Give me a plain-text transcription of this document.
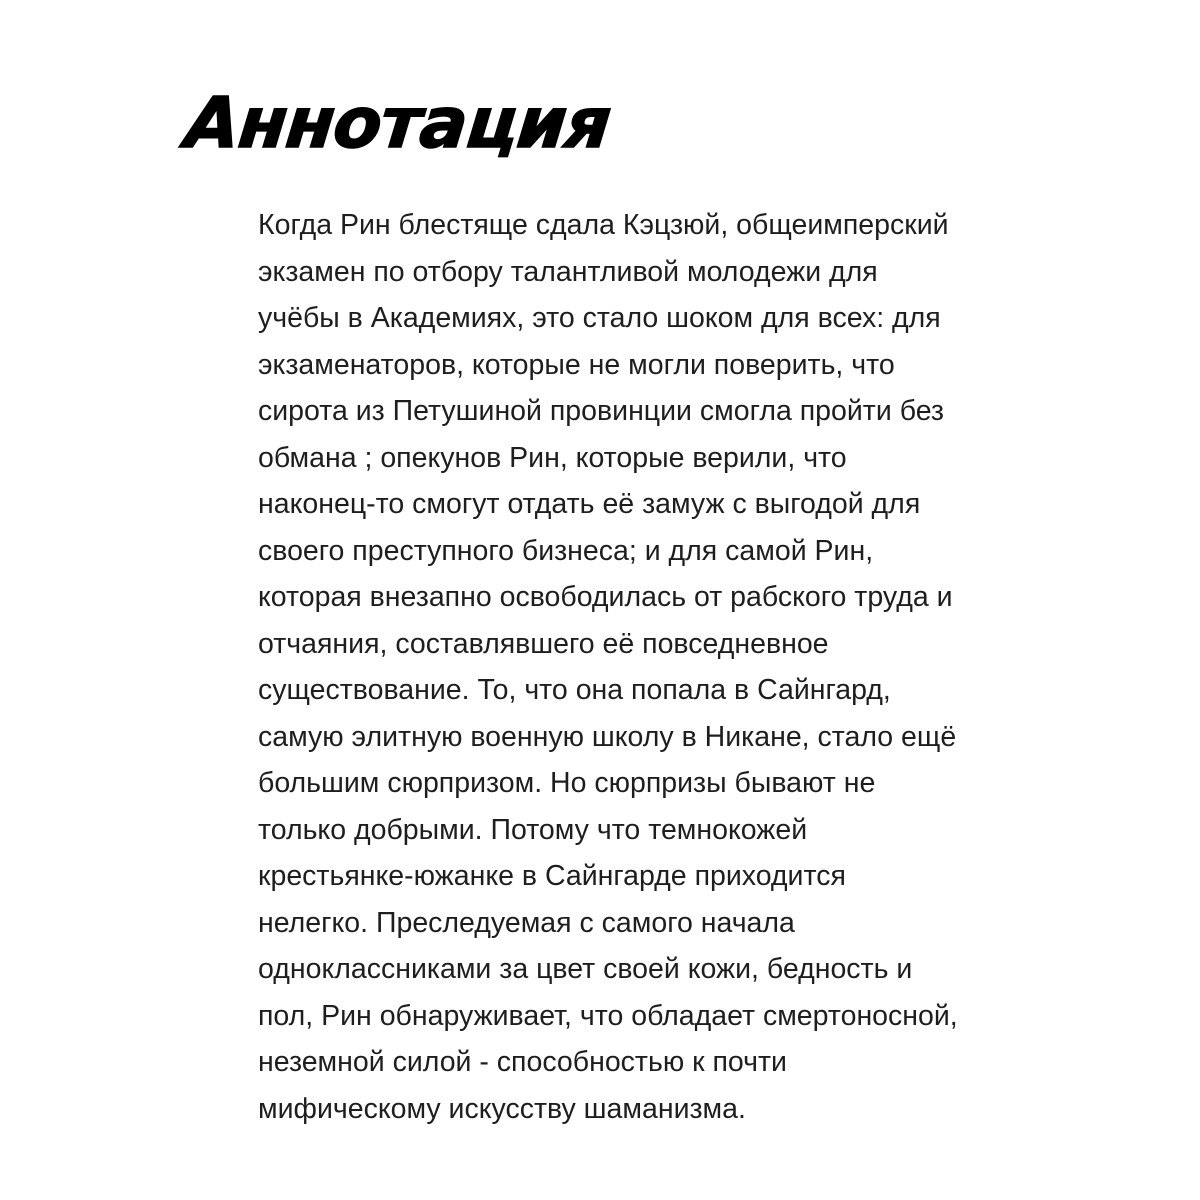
Аннотация
Когда Рин блестяще сдала Кэцзюй, общеимперский
экзамен по отбору талантливой молодежи для
учёбы в Академиях, это стало шоком для всех: для
экзаменаторов, которые не могли поверить, что
сирота из Петушиной провинции смогла пройти без
обмана ; опекунов Рин, которые верили, что
наконец-то смогут отдать её замуж с выгодой для
своего преступного бизнеса; и для самой Рин,
которая внезапно освободилась от рабского труда и
отчаяния, составлявшего её повседневное
существование. То, что она попала в Сайнгард,
самую элитную военную школу в Никане, стало ещё
большим сюрпризом. Но сюрпризы бывают не
только добрыми. Потому что темнокожей
крестьянке-южанке в Сайнгарде приходится
нелегко. Преследуемая с самого начала
одноклассниками за цвет своей кожи, бедность и
пол, Рин обнаруживает, что обладает смертоносной,
неземной силой - способностью к почти
мифическому искусству шаманизма.
